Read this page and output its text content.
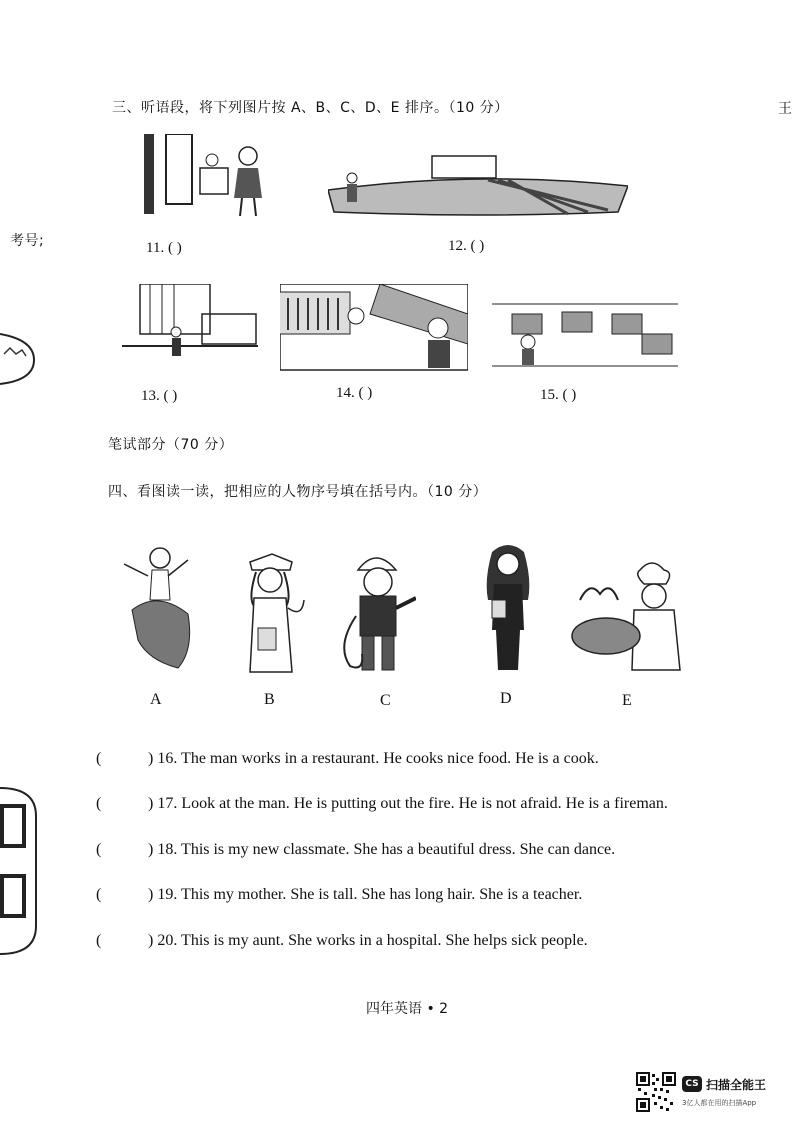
三、听语段，将下列图片按 A、B、C、D、E 排序。（10 分）	王
考号;	11. ( )	12. ( )
13. ( )	14. ( )	15. ( )
笔试部分（70 分）
四、看图读一读，把相应的人物序号填在括号内。（10 分）
A	B	C	D	E
(	) 16. The man works in a restaurant. He cooks nice food. He is a cook.
(	) 17. Look at the man. He is putting out the fire. He is not afraid. He is a fireman.
(	) 18. This is my new classmate. She has a beautiful dress. She can dance.
(	) 19. This my mother. She is tall. She has long hair. She is a teacher.
(	) 20. This is my aunt. She works in a hospital. She helps sick people.
四年英语 • 2
CS 扫描全能王
3亿人都在用的扫描App
